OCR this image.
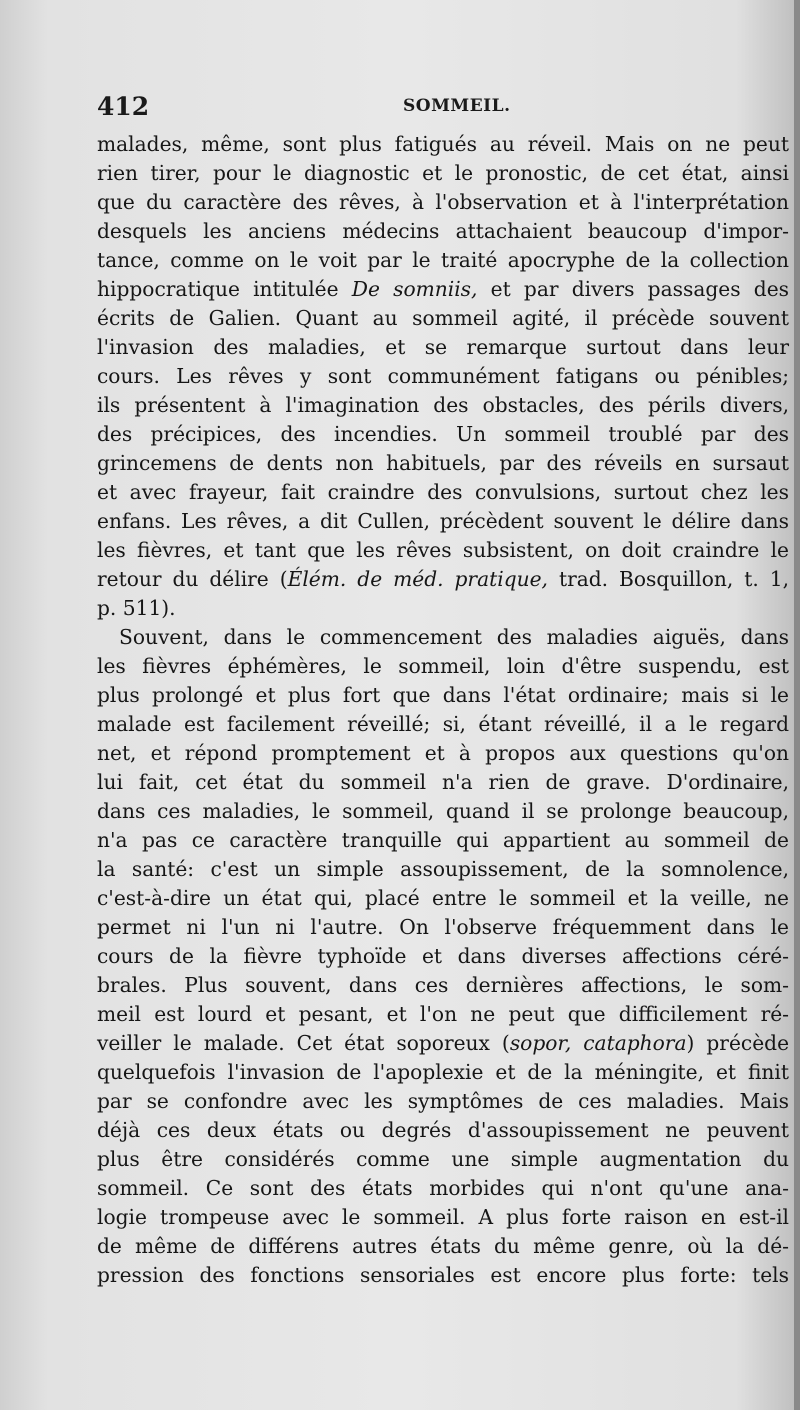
412	SOMMEIL.
malades, même, sont plus fatigués au réveil. Mais on ne peut
rien tirer, pour le diagnostic et le pronostic, de cet état, ainsi
que du caractère des rêves, à l'observation et à l'interprétation
desquels les anciens médecins attachaient beaucoup d'impor-
tance, comme on le voit par le traité apocryphe de la collection
hippocratique intitulée De somniis, et par divers passages des
écrits de Galien. Quant au sommeil agité, il précède souvent
l'invasion des maladies, et se remarque surtout dans leur
cours. Les rêves y sont communément fatigans ou pénibles;
ils présentent à l'imagination des obstacles, des périls divers,
des précipices, des incendies. Un sommeil troublé par des
grincemens de dents non habituels, par des réveils en sursaut
et avec frayeur, fait craindre des convulsions, surtout chez les
enfans. Les rêves, a dit Cullen, précèdent souvent le délire dans
les fièvres, et tant que les rêves subsistent, on doit craindre le
retour du délire (Élém. de méd. pratique, trad. Bosquillon, t. 1,
p. 511).
Souvent, dans le commencement des maladies aiguës, dans
les fièvres éphémères, le sommeil, loin d'être suspendu, est
plus prolongé et plus fort que dans l'état ordinaire; mais si le
malade est facilement réveillé; si, étant réveillé, il a le regard
net, et répond promptement et à propos aux questions qu'on
lui fait, cet état du sommeil n'a rien de grave. D'ordinaire,
dans ces maladies, le sommeil, quand il se prolonge beaucoup,
n'a pas ce caractère tranquille qui appartient au sommeil de
la santé: c'est un simple assoupissement, de la somnolence,
c'est-à-dire un état qui, placé entre le sommeil et la veille, ne
permet ni l'un ni l'autre. On l'observe fréquemment dans le
cours de la fièvre typhoïde et dans diverses affections céré-
brales. Plus souvent, dans ces dernières affections, le som-
meil est lourd et pesant, et l'on ne peut que difficilement ré-
veiller le malade. Cet état soporeux (sopor, cataphora) précède
quelquefois l'invasion de l'apoplexie et de la méningite, et finit
par se confondre avec les symptômes de ces maladies. Mais
déjà ces deux états ou degrés d'assoupissement ne peuvent
plus être considérés comme une simple augmentation du
sommeil. Ce sont des états morbides qui n'ont qu'une ana-
logie trompeuse avec le sommeil. A plus forte raison en est-il
de même de différens autres états du même genre, où la dé-
pression des fonctions sensoriales est encore plus forte: tels
